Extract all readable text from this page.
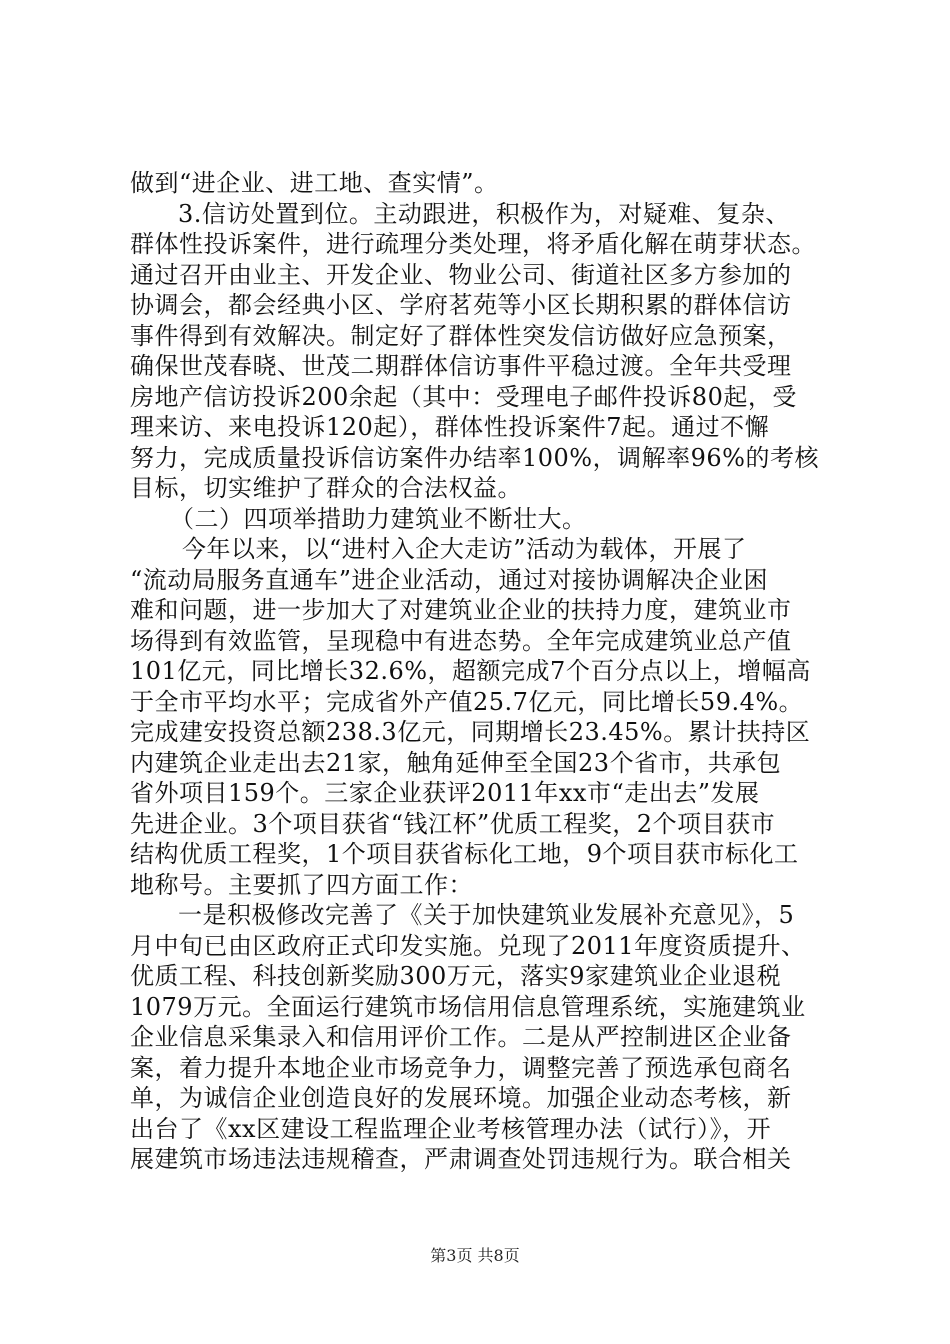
做到“进企业、进工地、查实情”。
3.信访处置到位。主动跟进，积极作为，对疑难、复杂、
群体性投诉案件，进行疏理分类处理，将矛盾化解在萌芽状态。
通过召开由业主、开发企业、物业公司、街道社区多方参加的
协调会，都会经典小区、学府茗苑等小区长期积累的群体信访
事件得到有效解决。制定好了群体性突发信访做好应急预案，
确保世茂春晓、世茂二期群体信访事件平稳过渡。全年共受理
房地产信访投诉200余起（其中：受理电子邮件投诉80起，受
理来访、来电投诉120起），群体性投诉案件7起。通过不懈
努力，完成质量投诉信访案件办结率100%，调解率96%的考核
目标，切实维护了群众的合法权益。
（二）四项举措助力建筑业不断壮大。
今年以来，以“进村入企大走访”活动为载体，开展了
“流动局服务直通车”进企业活动，通过对接协调解决企业困
难和问题，进一步加大了对建筑业企业的扶持力度，建筑业市
场得到有效监管，呈现稳中有进态势。全年完成建筑业总产值
101亿元，同比增长32.6%，超额完成7个百分点以上，增幅高
于全市平均水平；完成省外产值25.7亿元，同比增长59.4%。
完成建安投资总额238.3亿元，同期增长23.45%。累计扶持区
内建筑企业走出去21家，触角延伸至全国23个省市，共承包
省外项目159个。三家企业获评2011年xx市“走出去”发展
先进企业。3个项目获省“钱江杯”优质工程奖，2个项目获市
结构优质工程奖，1个项目获省标化工地，9个项目获市标化工
地称号。主要抓了四方面工作：
一是积极修改完善了《关于加快建筑业发展补充意见》，5
月中旬已由区政府正式印发实施。兑现了2011年度资质提升、
优质工程、科技创新奖励300万元，落实9家建筑业企业退税
1079万元。全面运行建筑市场信用信息管理系统，实施建筑业
企业信息采集录入和信用评价工作。二是从严控制进区企业备
案，着力提升本地企业市场竞争力，调整完善了预选承包商名
单，为诚信企业创造良好的发展环境。加强企业动态考核，新
出台了《xx区建设工程监理企业考核管理办法（试行）》，开
展建筑市场违法违规稽查，严肃调查处罚违规行为。联合相关
第3页 共8页
